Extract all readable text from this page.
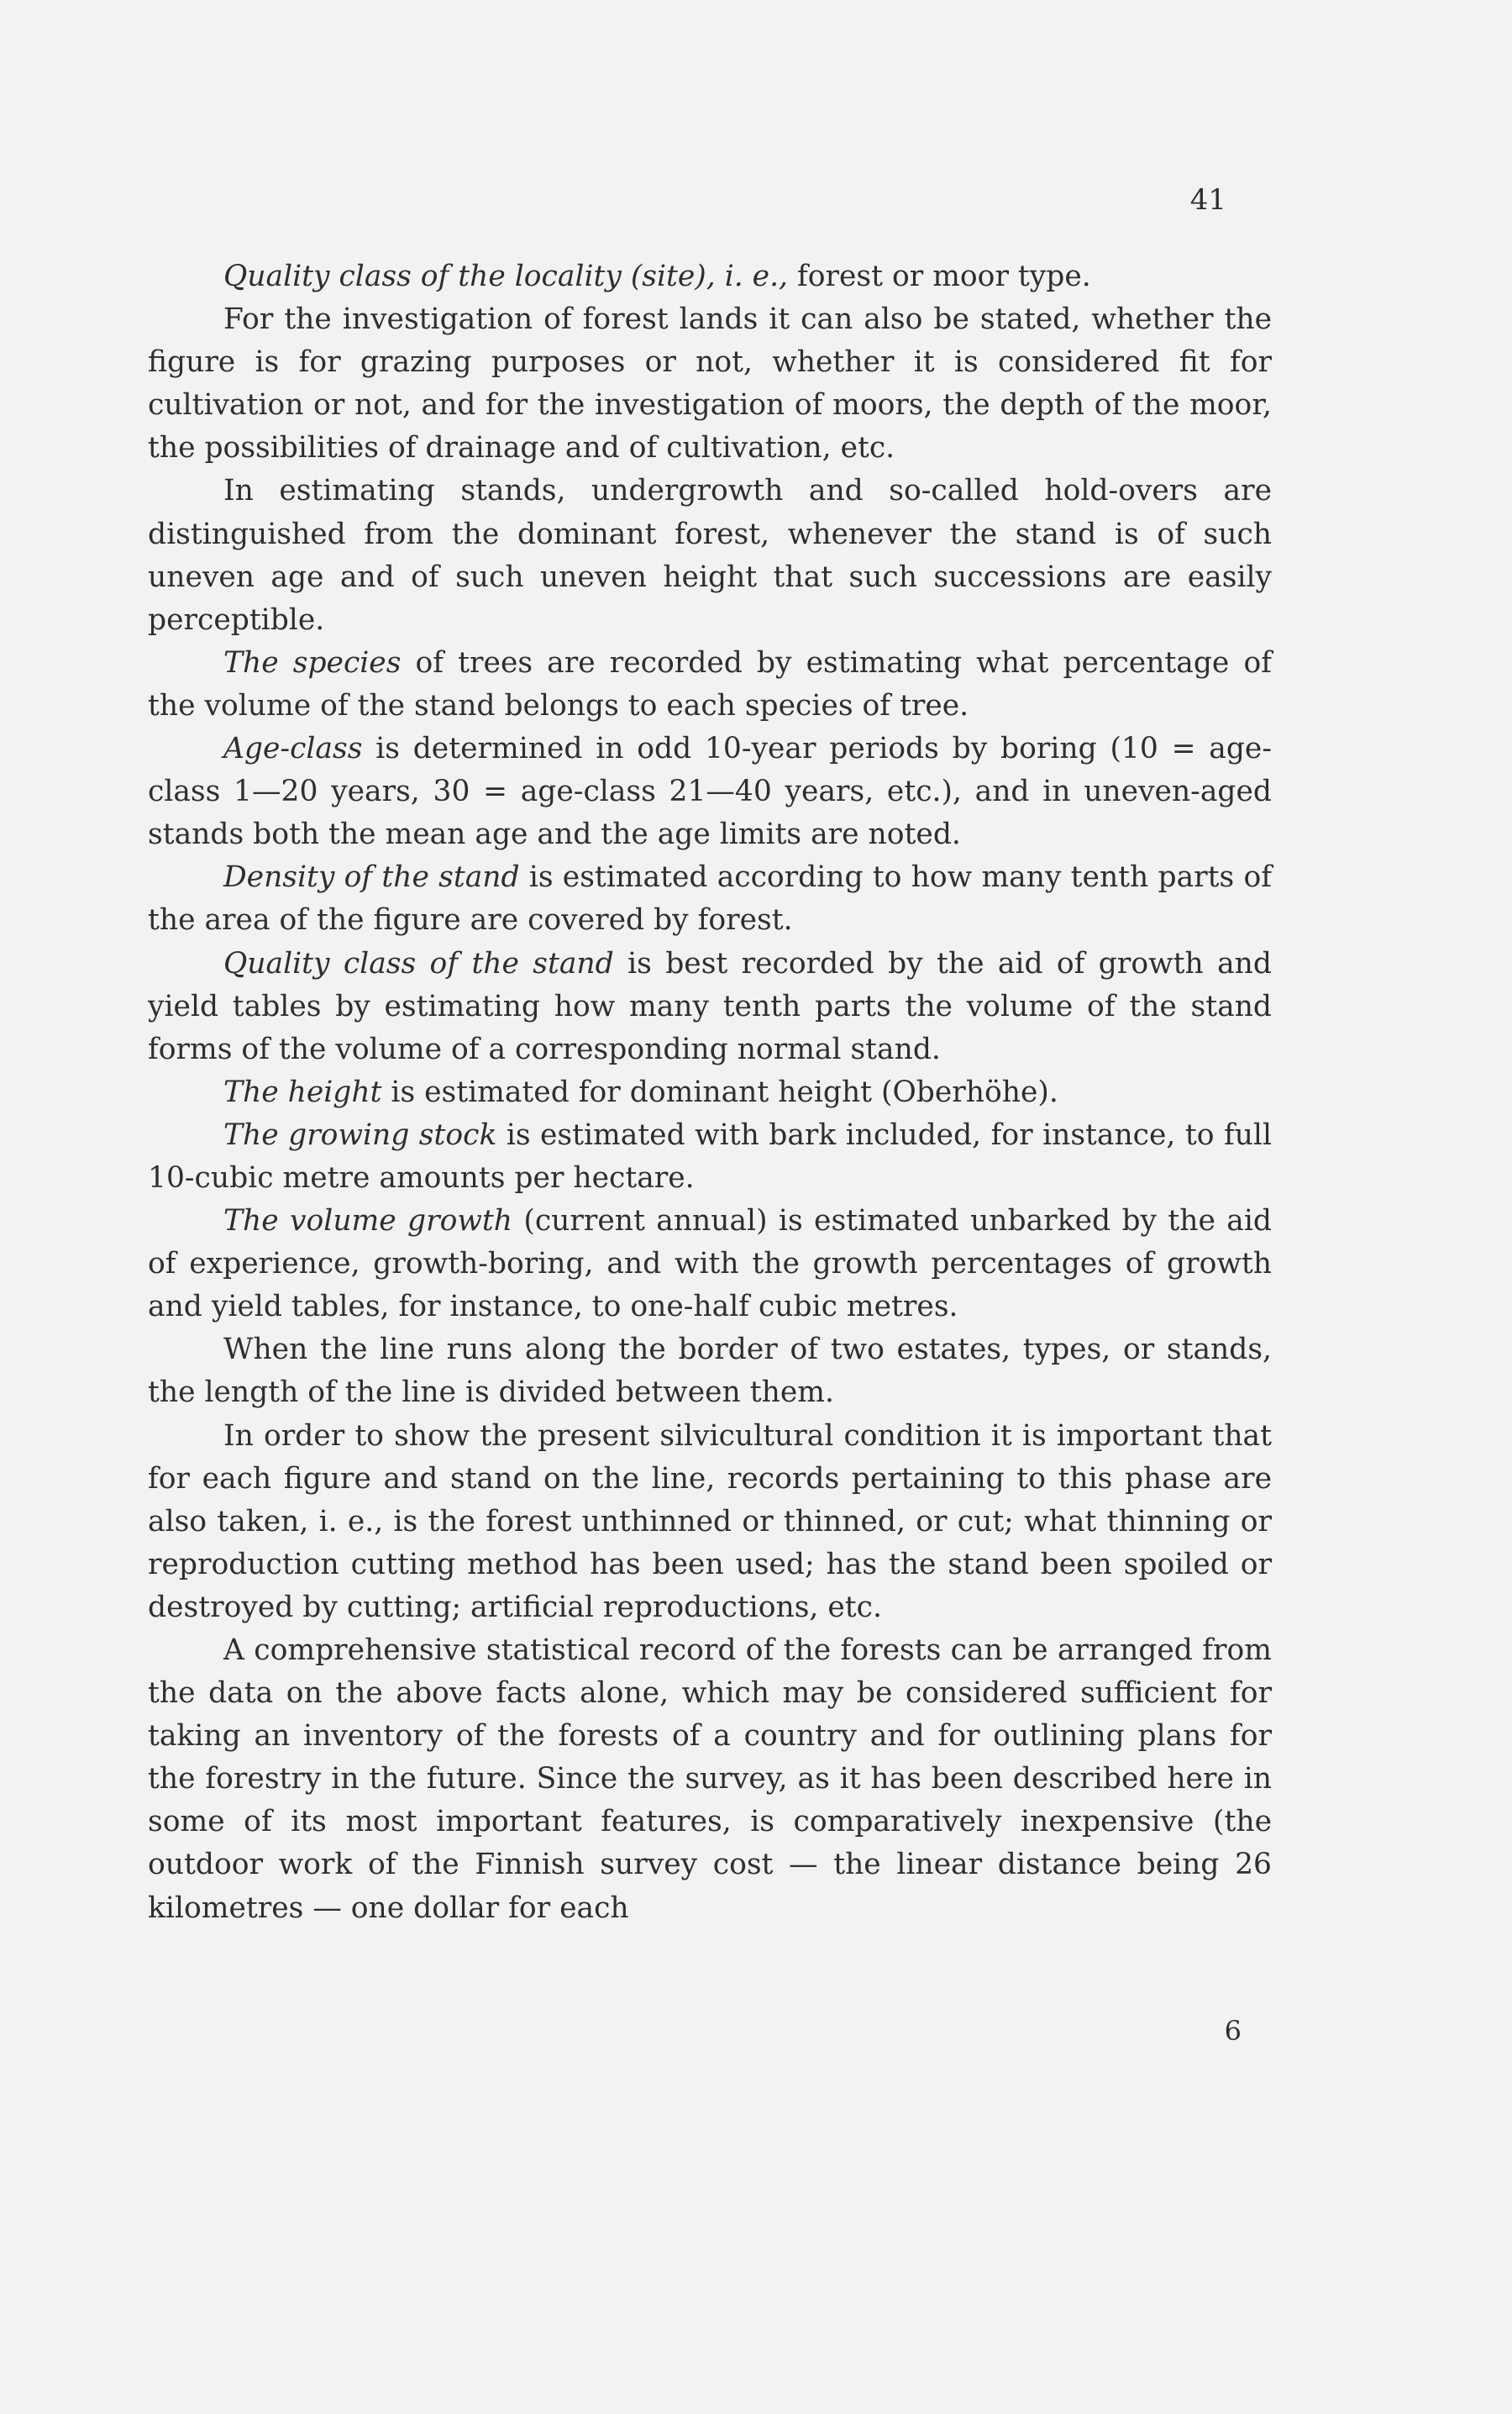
41

Quality class of the locality (site), i. e., forest or moor type.

For the investigation of forest lands it can also be stated, whether the figure is for grazing purposes or not, whether it is considered fit for cultivation or not, and for the investigation of moors, the depth of the moor, the possibilities of drainage and of cultivation, etc.

In estimating stands, undergrowth and so-called hold-overs are distinguished from the dominant forest, whenever the stand is of such uneven age and of such uneven height that such successions are easily perceptible.

The species of trees are recorded by estimating what percentage of the volume of the stand belongs to each species of tree.

Age-class is determined in odd 10-year periods by boring (10 = age-class 1—20 years, 30 = age-class 21—40 years, etc.), and in uneven-aged stands both the mean age and the age limits are noted.

Density of the stand is estimated according to how many tenth parts of the area of the figure are covered by forest.

Quality class of the stand is best recorded by the aid of growth and yield tables by estimating how many tenth parts the volume of the stand forms of the volume of a corresponding normal stand.

The height is estimated for dominant height (Oberhöhe).

The growing stock is estimated with bark included, for instance, to full 10-cubic metre amounts per hectare.

The volume growth (current annual) is estimated unbarked by the aid of experience, growth-boring, and with the growth percentages of growth and yield tables, for instance, to one-half cubic metres.

When the line runs along the border of two estates, types, or stands, the length of the line is divided between them.

In order to show the present silvicultural condition it is important that for each figure and stand on the line, records pertaining to this phase are also taken, i. e., is the forest unthinned or thinned, or cut; what thinning or reproduction cutting method has been used; has the stand been spoiled or destroyed by cutting; artificial reproductions, etc.

A comprehensive statistical record of the forests can be arranged from the data on the above facts alone, which may be considered sufficient for taking an inventory of the forests of a country and for outlining plans for the forestry in the future. Since the survey, as it has been described here in some of its most important features, is comparatively inexpensive (the outdoor work of the Finnish survey cost — the linear distance being 26 kilometres — one dollar for each

6
